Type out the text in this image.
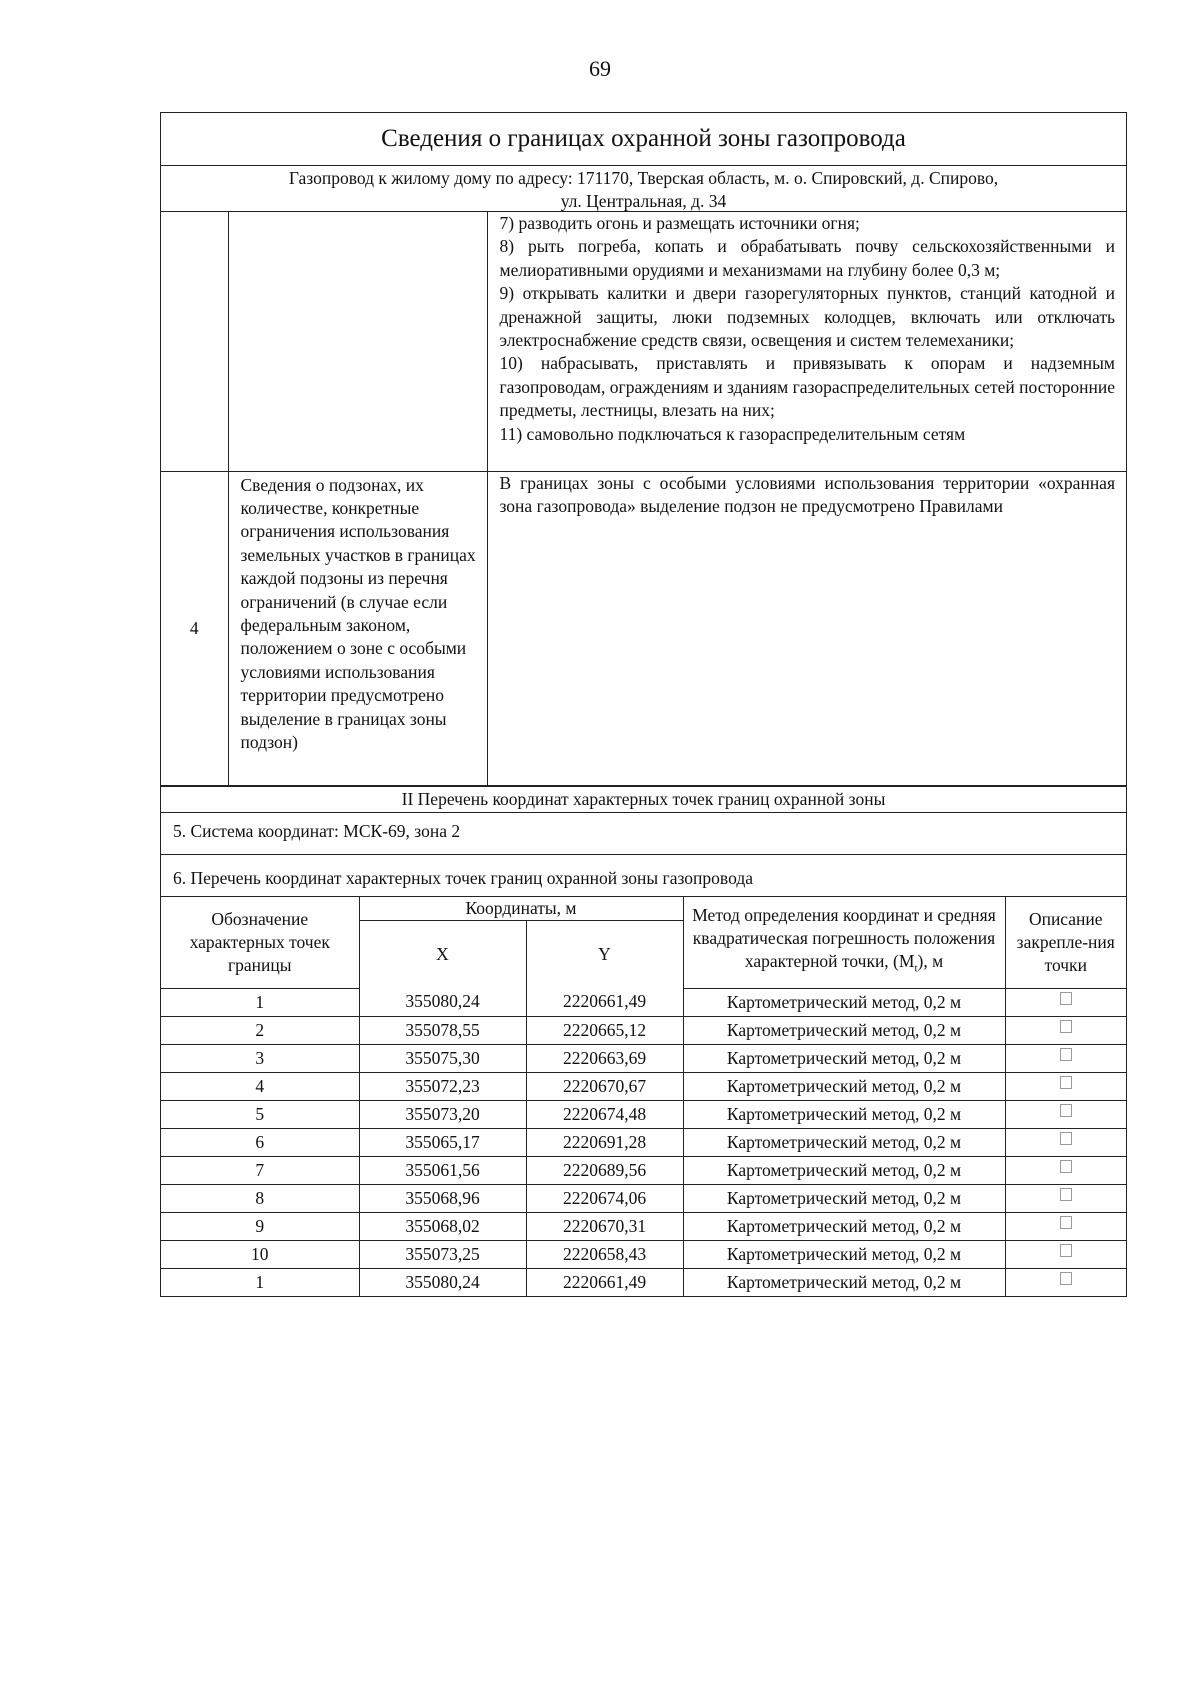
69
Сведения о границах охранной зоны газопровода
Газопровод к жилому дому по адресу: 171170, Тверская область, м. о. Спировский, д. Спирово,
ул. Центральная, д. 34

		7) разводить огонь и размещать источники огня;

8) рыть погреба, копать и обрабатывать почву сельскохозяйственными и мелиоративными орудиями и механизмами на глубину более 0,3 м;

9) открывать калитки и двери газорегуляторных пунктов, станций катодной и дренажной защиты, люки подземных колодцев, включать или отключать электроснабжение средств связи, освещения и систем телемеханики;

10) набрасывать, приставлять и привязывать к опорам и надземным газопроводам, ограждениям и зданиям газораспределительных сетей посторонние предметы, лестницы, влезать на них;

11) самовольно подключаться к газораспределительным сетям

4	Сведения о подзонах, их количестве, конкретные ограничения использования земельных участков в границах каждой подзоны из перечня ограничений (в случае если федеральным законом, положением о зоне с особыми условиями использования территории предусмотрено выделение в границах зоны подзон)	В границах зоны с особыми условиями использования территории «охранная зона газопровода» выделение подзон не предусмотрено Правилами
II Перечень координат характерных точек границ охранной зоны
5. Система координат: МСК-69, зона 2
6. Перечень координат характерных точек границ охранной зоны газопровода
Обозначение характерных точек границы	Координаты, м		Метод определения координат и средняя квадратическая погрешность положения характерной точки, $(M_t)$, м	Описание закрепле-ния точки
	X	Y		
1	355080,24	2220661,49	Картометрический метод, 0,2 м	
2	355078,55	2220665,12	Картометрический метод, 0,2 м	
3	355075,30	2220663,69	Картометрический метод, 0,2 м	
4	355072,23	2220670,67	Картометрический метод, 0,2 м	
5	355073,20	2220674,48	Картометрический метод, 0,2 м	
6	355065,17	2220691,28	Картометрический метод, 0,2 м	
7	355061,56	2220689,56	Картометрический метод, 0,2 м	
8	355068,96	2220674,06	Картометрический метод, 0,2 м	
9	355068,02	2220670,31	Картометрический метод, 0,2 м	
10	355073,25	2220658,43	Картометрический метод, 0,2 м	
1	355080,24	2220661,49	Картометрический метод, 0,2 м	
